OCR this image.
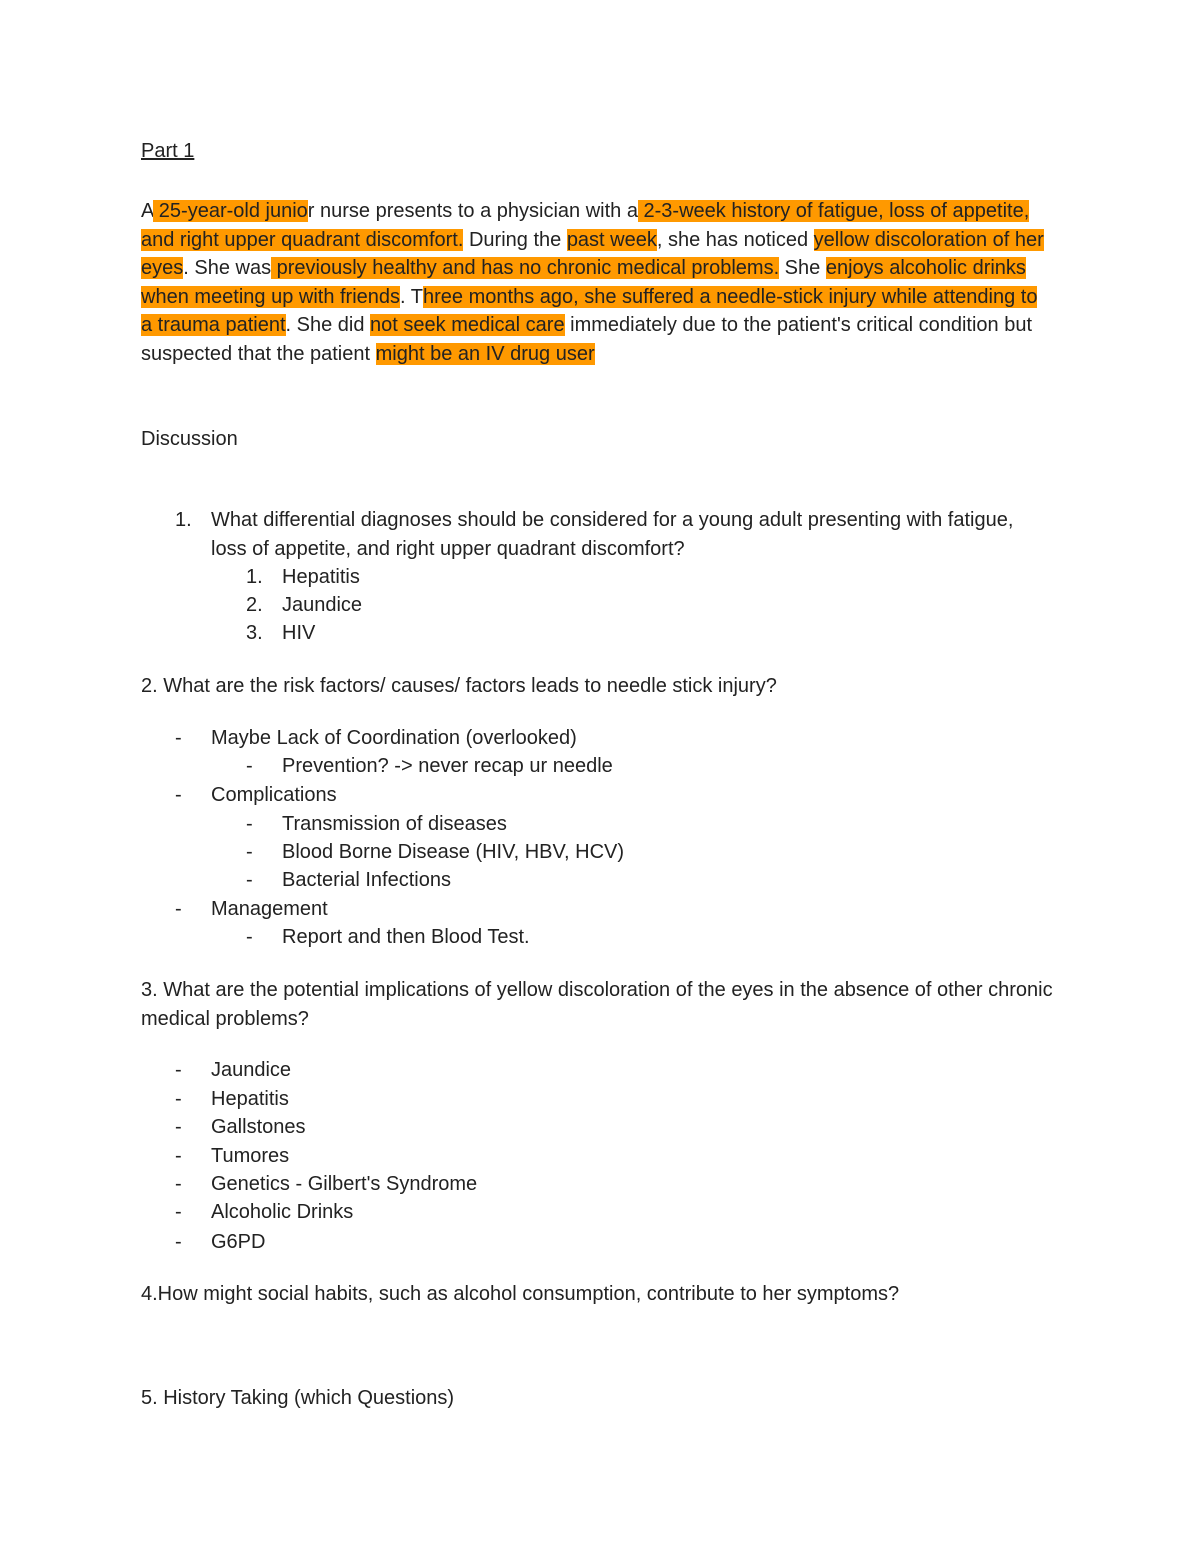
Part 1
A 25-year-old junior nurse presents to a physician with a 2-3-week history of fatigue, loss of appetite, and right upper quadrant discomfort. During the past week, she has noticed yellow discoloration of her eyes. She was previously healthy and has no chronic medical problems. She enjoys alcoholic drinks when meeting up with friends. Three months ago, she suffered a needle-stick injury while attending to a trauma patient. She did not seek medical care immediately due to the patient's critical condition but suspected that the patient might be an IV drug user
Discussion
1. What differential diagnoses should be considered for a young adult presenting with fatigue, loss of appetite, and right upper quadrant discomfort?
1. Hepatitis
2. Jaundice
3. HIV
2. What are the risk factors/ causes/ factors leads to needle stick injury?
- Maybe Lack of Coordination (overlooked)
- Prevention? -> never recap ur needle
- Complications
- Transmission of diseases
- Blood Borne Disease (HIV, HBV, HCV)
- Bacterial Infections
- Management
- Report and then Blood Test.
3. What are the potential implications of yellow discoloration of the eyes in the absence of other chronic medical problems?
- Jaundice
- Hepatitis
- Gallstones
- Tumores
- Genetics - Gilbert's Syndrome
- Alcoholic Drinks
- G6PD
4.How might social habits, such as alcohol consumption, contribute to her symptoms?
5. History Taking (which Questions)
